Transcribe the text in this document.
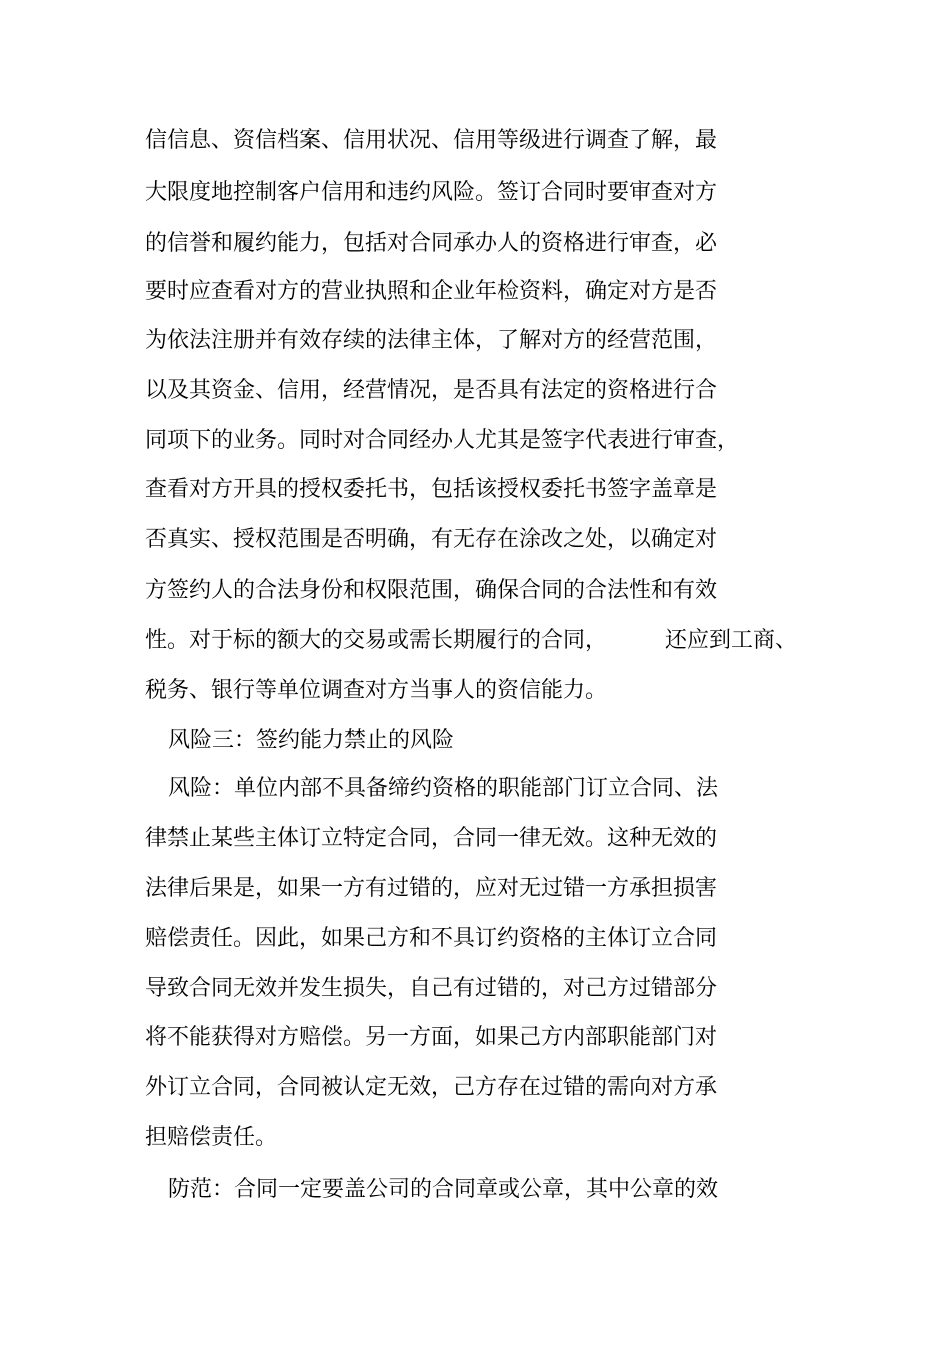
信信息、资信档案、信用状况、信用等级进行调查了解，最
大限度地控制客户信用和违约风险。签订合同时要审查对方
的信誉和履约能力，包括对合同承办人的资格进行审查，必
要时应查看对方的营业执照和企业年检资料，确定对方是否
为依法注册并有效存续的法律主体，了解对方的经营范围，
以及其资金、信用，经营情况，是否具有法定的资格进行合
同项下的业务。同时对合同经办人尤其是签字代表进行审查，
查看对方开具的授权委托书，包括该授权委托书签字盖章是
否真实、授权范围是否明确，有无存在涂改之处，以确定对
方签约人的合法身份和权限范围，确保合同的合法性和有效
性。对于标的额大的交易或需长期履行的合同，	还应到工商、
税务、银行等单位调查对方当事人的资信能力。
风险三：签约能力禁止的风险
风险：单位内部不具备缔约资格的职能部门订立合同、法
律禁止某些主体订立特定合同，合同一律无效。这种无效的
法律后果是，如果一方有过错的，应对无过错一方承担损害
赔偿责任。因此，如果己方和不具订约资格的主体订立合同
导致合同无效并发生损失，自己有过错的，对己方过错部分
将不能获得对方赔偿。另一方面，如果己方内部职能部门对
外订立合同，合同被认定无效，己方存在过错的需向对方承
担赔偿责任。
防范：合同一定要盖公司的合同章或公章，其中公章的效
